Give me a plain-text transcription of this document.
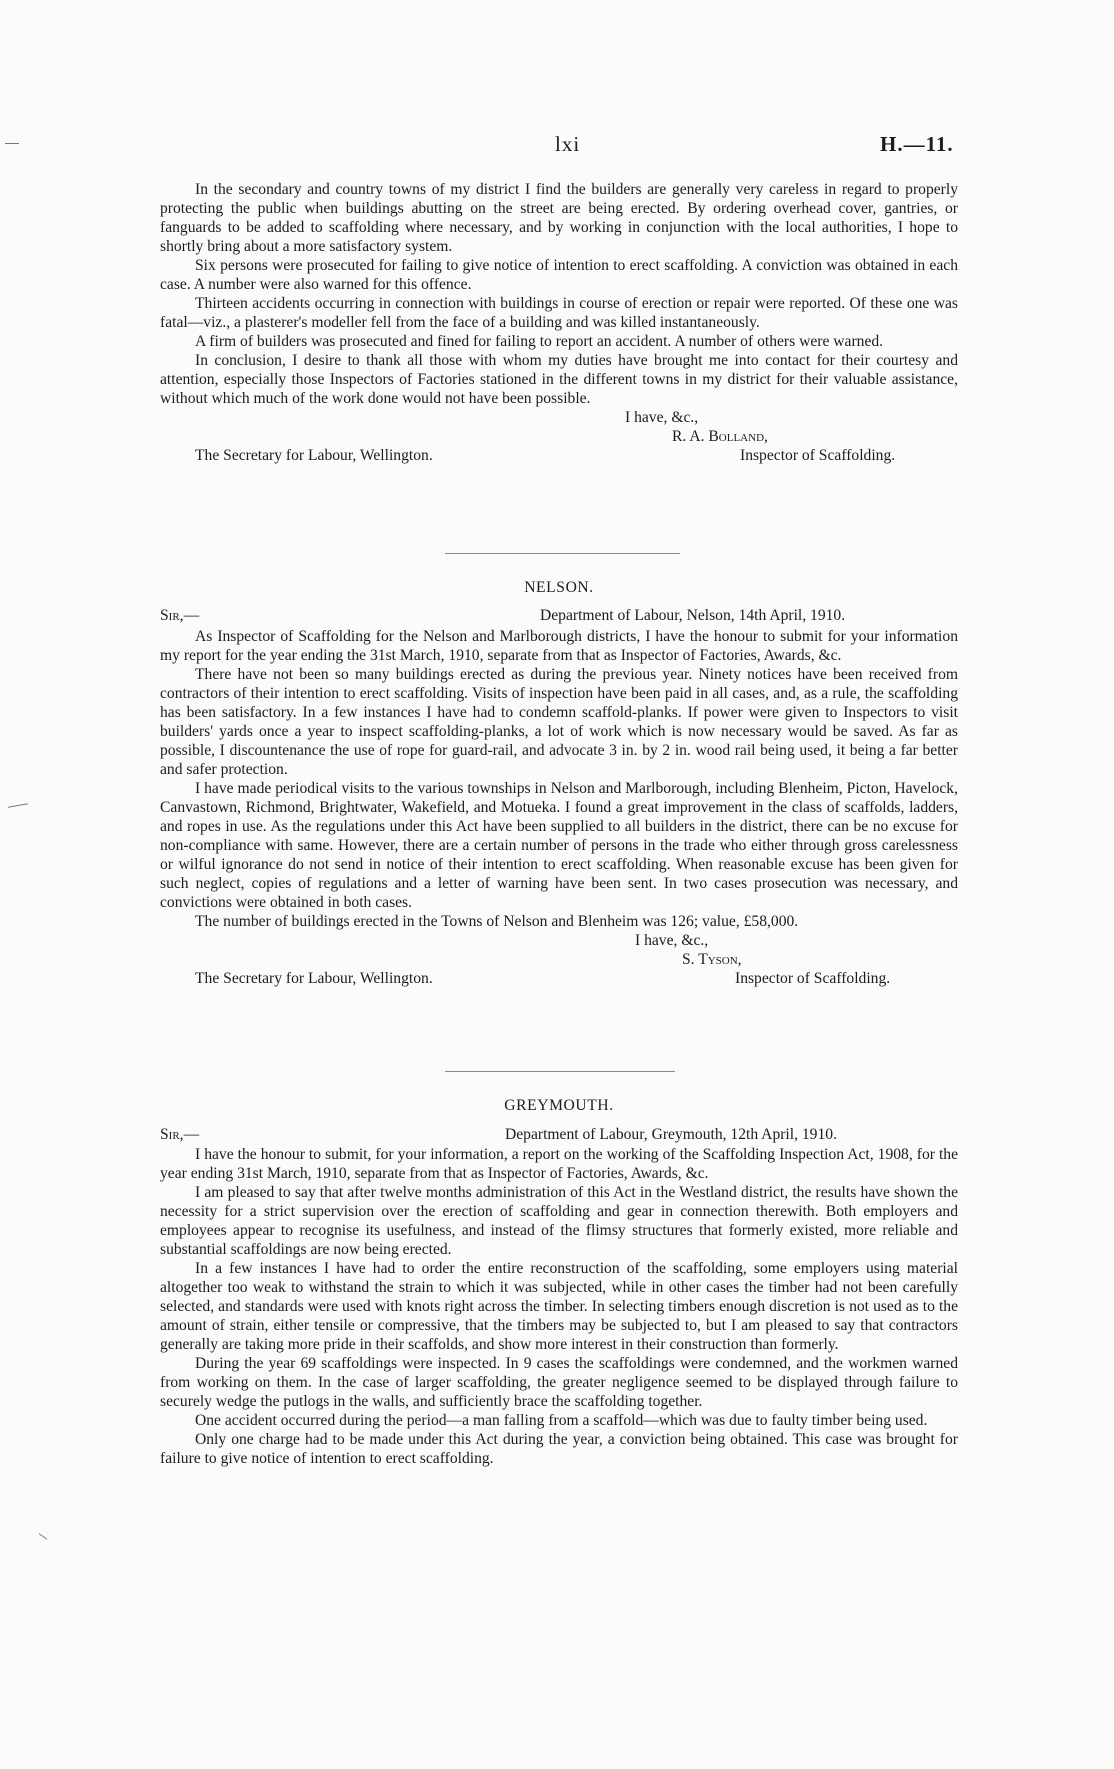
lxi	H.—11.

In the secondary and country towns of my district I find the builders are generally very careless in regard to properly protecting the public when buildings abutting on the street are being erected. By ordering overhead cover, gantries, or fanguards to be added to scaffolding where necessary, and by working in conjunction with the local authorities, I hope to shortly bring about a more satisfactory system.

Six persons were prosecuted for failing to give notice of intention to erect scaffolding. A conviction was obtained in each case. A number were also warned for this offence.

Thirteen accidents occurring in connection with buildings in course of erection or repair were reported. Of these one was fatal—viz., a plasterer's modeller fell from the face of a building and was killed instantaneously.

A firm of builders was prosecuted and fined for failing to report an accident. A number of others were warned.

In conclusion, I desire to thank all those with whom my duties have brought me into contact for their courtesy and attention, especially those Inspectors of Factories stationed in the different towns in my district for their valuable assistance, without which much of the work done would not have been possible.

I have, &c.,
R. A. Bolland,
The Secretary for Labour, Wellington.	Inspector of Scaffolding.
NELSON.
Sir,—	Department of Labour, Nelson, 14th April, 1910.

As Inspector of Scaffolding for the Nelson and Marlborough districts, I have the honour to submit for your information my report for the year ending the 31st March, 1910, separate from that as Inspector of Factories, Awards, &c.

There have not been so many buildings erected as during the previous year. Ninety notices have been received from contractors of their intention to erect scaffolding. Visits of inspection have been paid in all cases, and, as a rule, the scaffolding has been satisfactory. In a few instances I have had to condemn scaffold-planks. If power were given to Inspectors to visit builders' yards once a year to inspect scaffolding-planks, a lot of work which is now necessary would be saved. As far as possible, I discountenance the use of rope for guard-rail, and advocate 3 in. by 2 in. wood rail being used, it being a far better and safer protection.

I have made periodical visits to the various townships in Nelson and Marlborough, including Blenheim, Picton, Havelock, Canvastown, Richmond, Brightwater, Wakefield, and Motueka. I found a great improvement in the class of scaffolds, ladders, and ropes in use. As the regulations under this Act have been supplied to all builders in the district, there can be no excuse for non-compliance with same. However, there are a certain number of persons in the trade who either through gross carelessness or wilful ignorance do not send in notice of their intention to erect scaffolding. When reasonable excuse has been given for such neglect, copies of regulations and a letter of warning have been sent. In two cases prosecution was necessary, and convictions were obtained in both cases.

The number of buildings erected in the Towns of Nelson and Blenheim was 126; value, £58,000.

I have, &c.,
S. Tyson,
The Secretary for Labour, Wellington.	Inspector of Scaffolding.
GREYMOUTH.
Sir,—	Department of Labour, Greymouth, 12th April, 1910.

I have the honour to submit, for your information, a report on the working of the Scaffolding Inspection Act, 1908, for the year ending 31st March, 1910, separate from that as Inspector of Factories, Awards, &c.

I am pleased to say that after twelve months administration of this Act in the Westland district, the results have shown the necessity for a strict supervision over the erection of scaffolding and gear in connection therewith. Both employers and employees appear to recognise its usefulness, and instead of the flimsy structures that formerly existed, more reliable and substantial scaffoldings are now being erected.

In a few instances I have had to order the entire reconstruction of the scaffolding, some employers using material altogether too weak to withstand the strain to which it was subjected, while in other cases the timber had not been carefully selected, and standards were used with knots right across the timber. In selecting timbers enough discretion is not used as to the amount of strain, either tensile or compressive, that the timbers may be subjected to, but I am pleased to say that contractors generally are taking more pride in their scaffolds, and show more interest in their construction than formerly.

During the year 69 scaffoldings were inspected. In 9 cases the scaffoldings were condemned, and the workmen warned from working on them. In the case of larger scaffolding, the greater negligence seemed to be displayed through failure to securely wedge the putlogs in the walls, and sufficiently brace the scaffolding together.

One accident occurred during the period—a man falling from a scaffold—which was due to faulty timber being used.

Only one charge had to be made under this Act during the year, a conviction being obtained. This case was brought for failure to give notice of intention to erect scaffolding.
